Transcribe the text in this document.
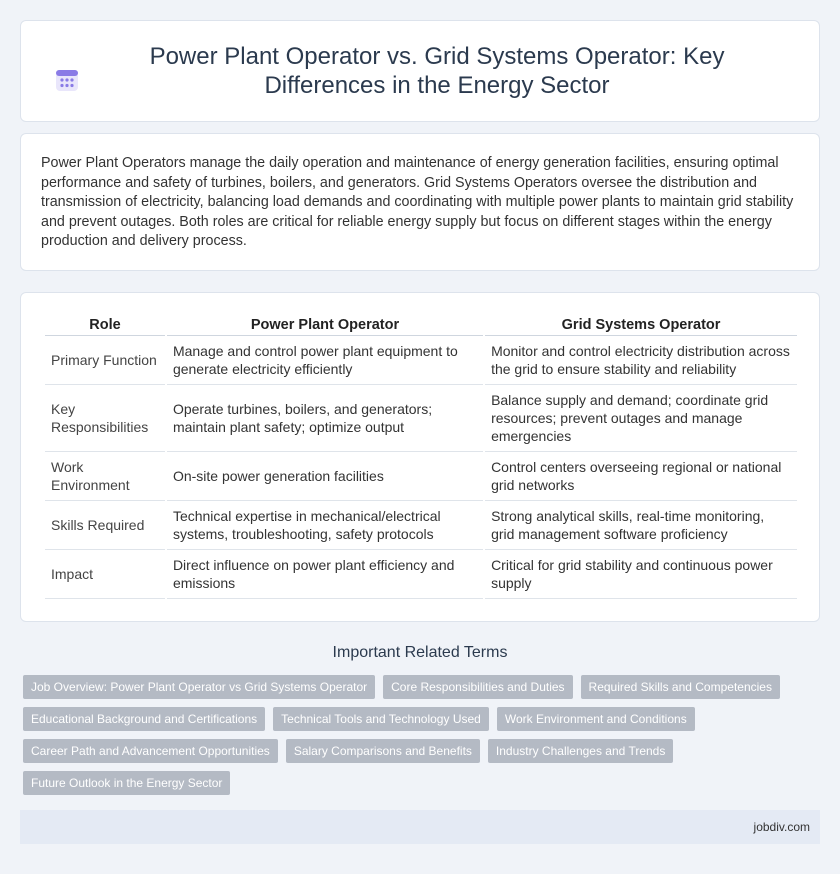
Power Plant Operator vs. Grid Systems Operator: Key Differences in the Energy Sector

Power Plant Operators manage the daily operation and maintenance of energy generation facilities, ensuring optimal performance and safety of turbines, boilers, and generators. Grid Systems Operators oversee the distribution and transmission of electricity, balancing load demands and coordinating with multiple power plants to maintain grid stability and prevent outages. Both roles are critical for reliable energy supply but focus on different stages within the energy production and delivery process.

Role	Power Plant Operator	Grid Systems Operator
Primary Function	Manage and control power plant equipment to generate electricity efficiently	Monitor and control electricity distribution across the grid to ensure stability and reliability
Key Responsibilities	Operate turbines, boilers, and generators; maintain plant safety; optimize output	Balance supply and demand; coordinate grid resources; prevent outages and manage emergencies
Work Environment	On-site power generation facilities	Control centers overseeing regional or national grid networks
Skills Required	Technical expertise in mechanical/electrical systems, troubleshooting, safety protocols	Strong analytical skills, real-time monitoring, grid management software proficiency
Impact	Direct influence on power plant efficiency and emissions	Critical for grid stability and continuous power supply
Important Related Terms
Job Overview: Power Plant Operator vs Grid Systems Operator	Core Responsibilities and Duties	Required Skills and Competencies
Educational Background and Certifications	Technical Tools and Technology Used	Work Environment and Conditions
Career Path and Advancement Opportunities	Salary Comparisons and Benefits	Industry Challenges and Trends
Future Outlook in the Energy Sector
jobdiv.com
